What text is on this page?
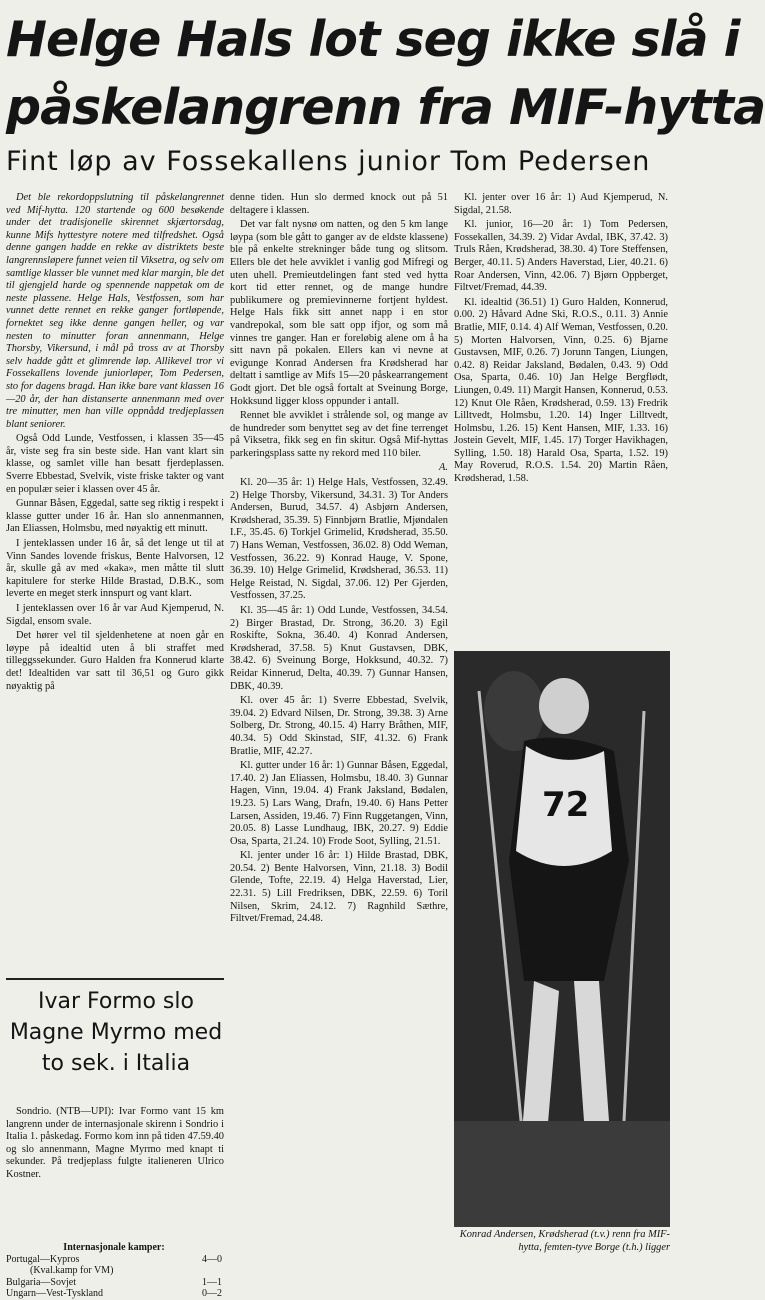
Helge Hals lot seg ikke slå i
påskelangrenn fra MIF-hytta
Fint løp av Fossekallens junior Tom Pedersen

Det ble rekordoppslutning til påskelangrennet ved Mif-hytta. 120 startende og 600 besøkende under det tradisjonelle skirennet skjærtorsdag, kunne Mifs hyttestyre notere med tilfredshet. Også denne gangen hadde en rekke av distriktets beste langrennsløpere funnet veien til Viksetra, og selv om samtlige klasser ble vunnet med klar margin, ble det til gjengjeld harde og spennende nappetak om de neste plassene. Helge Hals, Vestfossen, som har vunnet dette rennet en rekke ganger fortløpende, fornektet seg ikke denne gangen heller, og var nesten to minutter foran annenmann, Helge Thorsby, Vikersund, i mål på tross av at Thorsby selv hadde gått et glimrende løp. Allikevel tror vi Fossekallens lovende juniorløper, Tom Pedersen, sto for dagens bragd. Han ikke bare vant klassen 16—20 år, der han distanserte annenmann med over tre minutter, men han ville oppnådd tredjeplassen blant seniorer.

Også Odd Lunde, Vestfossen, i klassen 35—45 år, viste seg fra sin beste side. Han vant klart sin klasse, og samlet ville han besatt fjerdeplassen. Sverre Ebbestad, Svelvik, viste friske takter og vant en populær seier i klassen over 45 år.

Gunnar Båsen, Eggedal, satte seg riktig i respekt i klasse gutter under 16 år. Han slo annenmannen, Jan Eliassen, Holmsbu, med nøyaktig ett minutt.

I jenteklassen under 16 år, så det lenge ut til at Vinn Sandes lovende friskus, Bente Halvorsen, 12 år, skulle gå av med «kaka», men måtte til slutt kapitulere for sterke Hilde Brastad, D.B.K., som leverte en meget sterk innspurt og vant klart.

I jenteklassen over 16 år var Aud Kjemperud, N. Sigdal, ensom svale.

Det hører vel til sjeldenhetene at noen går en løype på idealtid uten å bli straffet med tilleggssekunder. Guro Halden fra Konnerud klarte det! Idealtiden var satt til 36,51 og Guro gikk nøyaktig på

Ivar Formo slo Magne Myrmo med to sek. i Italia

Sondrio. (NTB—UPI): Ivar Formo vant 15 km langrenn under de internasjonale skirenn i Sondrio i Italia 1. påskedag. Formo kom inn på tiden 47.59.40 og slo annenmann, Magne Myrmo med knapt ti sekunder. På tredjeplass fulgte italieneren Ulrico Kostner.

Internasjonale kamper:
Portugal—Kypros	4—0
(Kval.kamp for VM)
Bulgaria—Sovjet	1—1
Ungarn—Vest-Tyskland	0—2

denne tiden. Hun slo dermed knock out på 51 deltagere i klassen.

Det var falt nysnø om natten, og den 5 km lange løypa (som ble gått to ganger av de eldste klassene) ble på enkelte strekninger både tung og slitsom. Ellers ble det hele avviklet i vanlig god Mifregi og uten uhell. Premieutdelingen fant sted ved hytta kort tid etter rennet, og de mange hundre publikumere og premievinnerne fortjent hyldest. Helge Hals fikk sitt annet napp i en stor vandrepokal, som ble satt opp ifjor, og som må vinnes tre ganger. Han er foreløbig alene om å ha sitt navn på pokalen. Ellers kan vi nevne at evigunge Konrad Andersen fra Krødsherad har deltatt i samtlige av Mifs 15—20 påskearrangement Godt gjort. Det ble også fortalt at Sveinung Borge, Hokksund ligger kloss oppunder i antall.

Rennet ble avviklet i strålende sol, og mange av de hundreder som benyttet seg av det fine terrenget på Viksetra, fikk seg en fin skitur. Også Mif-hyttas parkeringsplass satte ny rekord med 110 biler.

A.

Kl. 20—35 år: 1) Helge Hals, Vestfossen, 32.49. 2) Helge Thorsby, Vikersund, 34.31. 3) Tor Anders Andersen, Burud, 34.57. 4) Asbjørn Andersen, Krødsherad, 35.39. 5) Finnbjørn Bratlie, Mjøndalen I.F., 35.45. 6) Torkjel Grimelid, Krødsherad, 35.50. 7) Hans Weman, Vestfossen, 36.02. 8) Odd Weman, Vestfossen, 36.22. 9) Konrad Hauge, V. Spone, 36.39. 10) Helge Grimelid, Krødsherad, 36.53. 11) Helge Reistad, N. Sigdal, 37.06. 12) Per Gjerden, Vestfossen, 37.25.

Kl. 35—45 år: 1) Odd Lunde, Vestfossen, 34.54. 2) Birger Brastad, Dr. Strong, 36.20. 3) Egil Roskifte, Sokna, 36.40. 4) Konrad Andersen, Krødsherad, 37.58. 5) Knut Gustavsen, DBK, 38.42. 6) Sveinung Borge, Hokksund, 40.32. 7) Reidar Kinnerud, Delta, 40.39. 7) Gunnar Hansen, DBK, 40.39.

Kl. over 45 år: 1) Sverre Ebbestad, Svelvik, 39.04. 2) Edvard Nilsen, Dr. Strong, 39.38. 3) Arne Solberg, Dr. Strong, 40.15. 4) Harry Bråthen, MIF, 40.34. 5) Odd Skinstad, SIF, 41.32. 6) Frank Bratlie, MIF, 42.27.

Kl. gutter under 16 år: 1) Gunnar Båsen, Eggedal, 17.40. 2) Jan Eliassen, Holmsbu, 18.40. 3) Gunnar Hagen, Vinn, 19.04. 4) Frank Jaksland, Bødalen, 19.23. 5) Lars Wang, Drafn, 19.40. 6) Hans Petter Larsen, Assiden, 19.46. 7) Finn Ruggetangen, Vinn, 20.05. 8) Lasse Lundhaug, IBK, 20.27. 9) Eddie Osa, Sparta, 21.24. 10) Frode Soot, Sylling, 21.51.

Kl. jenter under 16 år: 1) Hilde Brastad, DBK, 20.54. 2) Bente Halvorsen, Vinn, 21.18. 3) Bodil Glende, Tofte, 22.19. 4) Helga Haverstad, Lier, 22.31. 5) Lill Fredriksen, DBK, 22.59. 6) Toril Nilsen, Skrim, 24.12. 7) Ragnhild Sæthre, Filtvet/Fremad, 24.48.

Kl. jenter over 16 år: 1) Aud Kjemperud, N. Sigdal, 21.58.

Kl. junior, 16—20 år: 1) Tom Pedersen, Fossekallen, 34.39. 2) Vidar Avdal, IBK, 37.42. 3) Truls Råen, Krødsherad, 38.30. 4) Tore Steffensen, Berger, 40.11. 5) Anders Haverstad, Lier, 40.21. 6) Roar Andersen, Vinn, 42.06. 7) Bjørn Oppberget, Filtvet/Fremad, 44.39.

Kl. idealtid (36.51) 1) Guro Halden, Konnerud, 0.00. 2) Håvard Adne Ski, R.O.S., 0.11. 3) Annie Bratlie, MIF, 0.14. 4) Alf Weman, Vestfossen, 0.20. 5) Morten Halvorsen, Vinn, 0.25. 6) Bjarne Gustavsen, MIF, 0.26. 7) Jorunn Tangen, Liungen, 0.42. 8) Reidar Jaksland, Bødalen, 0.43. 9) Odd Osa, Sparta, 0.46. 10) Jan Helge Bergflødt, Liungen, 0.49. 11) Margit Hansen, Konnerud, 0.53. 12) Knut Ole Råen, Krødsherad, 0.59. 13) Fredrik Lilltvedt, Holmsbu, 1.20. 14) Inger Lilltvedt, Holmsbu, 1.26. 15) Kent Hansen, MIF, 1.33. 16) Jostein Gevelt, MIF, 1.45. 17) Torger Havikhagen, Sylling, 1.50. 18) Harald Osa, Sparta, 1.52. 19) May Roverud, R.O.S. 1.54. 20) Martin Råen, Krødsherad, 1.58.

72
Konrad Andersen, Krødsherad (t.v.) renn fra MIF-hytta, femten-tyve Borge (t.h.) ligger
